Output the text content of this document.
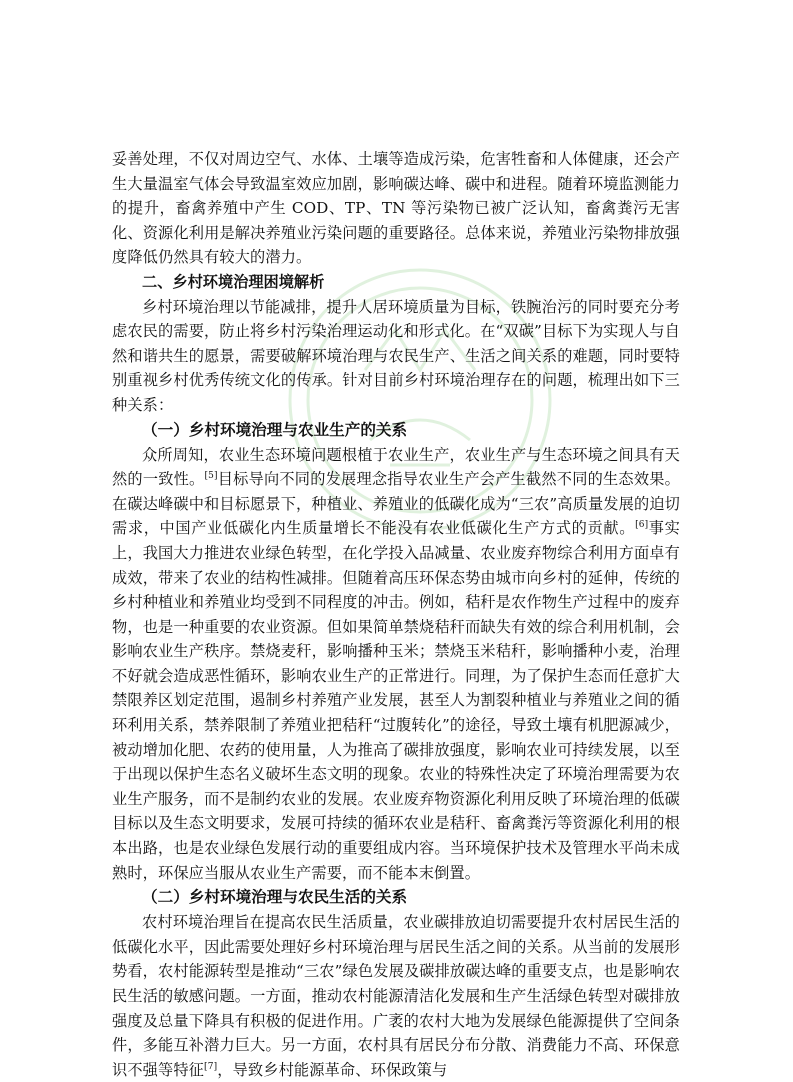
妥善处理，不仅对周边空气、水体、土壤等造成污染，危害牲畜和人体健康，还会产生大量温室气体会导致温室效应加剧，影响碳达峰、碳中和进程。随着环境监测能力的提升，畜禽养殖中产生 COD、TP、TN 等污染物已被广泛认知，畜禽粪污无害化、资源化利用是解决养殖业污染问题的重要路径。总体来说，养殖业污染物排放强度降低仍然具有较大的潜力。

二、乡村环境治理困境解析

乡村环境治理以节能减排，提升人居环境质量为目标，铁腕治污的同时要充分考虑农民的需要，防止将乡村污染治理运动化和形式化。在“双碳”目标下为实现人与自然和谐共生的愿景，需要破解环境治理与农民生产、生活之间关系的难题，同时要特别重视乡村优秀传统文化的传承。针对目前乡村环境治理存在的问题，梳理出如下三种关系：

（一）乡村环境治理与农业生产的关系

众所周知，农业生态环境问题根植于农业生产，农业生产与生态环境之间具有天然的一致性。[5]目标导向不同的发展理念指导农业生产会产生截然不同的生态效果。在碳达峰碳中和目标愿景下，种植业、养殖业的低碳化成为“三农”高质量发展的迫切需求，中国产业低碳化内生质量增长不能没有农业低碳化生产方式的贡献。[6]事实上，我国大力推进农业绿色转型，在化学投入品减量、农业废弃物综合利用方面卓有成效，带来了农业的结构性减排。但随着高压环保态势由城市向乡村的延伸，传统的乡村种植业和养殖业均受到不同程度的冲击。例如，秸秆是农作物生产过程中的废弃物，也是一种重要的农业资源。但如果简单禁烧秸秆而缺失有效的综合利用机制，会影响农业生产秩序。禁烧麦秆，影响播种玉米；禁烧玉米秸秆，影响播种小麦，治理不好就会造成恶性循环，影响农业生产的正常进行。同理，为了保护生态而任意扩大禁限养区划定范围，遏制乡村养殖产业发展，甚至人为割裂种植业与养殖业之间的循环利用关系，禁养限制了养殖业把秸秆“过腹转化”的途径，导致土壤有机肥源减少，被动增加化肥、农药的使用量，人为推高了碳排放强度，影响农业可持续发展，以至于出现以保护生态名义破坏生态文明的现象。农业的特殊性决定了环境治理需要为农业生产服务，而不是制约农业的发展。农业废弃物资源化利用反映了环境治理的低碳目标以及生态文明要求，发展可持续的循环农业是秸秆、畜禽粪污等资源化利用的根本出路，也是农业绿色发展行动的重要组成内容。当环境保护技术及管理水平尚未成熟时，环保应当服从农业生产需要，而不能本末倒置。

（二）乡村环境治理与农民生活的关系

农村环境治理旨在提高农民生活质量，农业碳排放迫切需要提升农村居民生活的低碳化水平，因此需要处理好乡村环境治理与居民生活之间的关系。从当前的发展形势看，农村能源转型是推动“三农”绿色发展及碳排放碳达峰的重要支点，也是影响农民生活的敏感问题。一方面，推动农村能源清洁化发展和生产生活绿色转型对碳排放强度及总量下降具有积极的促进作用。广袤的农村大地为发展绿色能源提供了空间条件，多能互补潜力巨大。另一方面，农村具有居民分布分散、消费能力不高、环保意识不强等特征[7]，导致乡村能源革命、环保政策与
